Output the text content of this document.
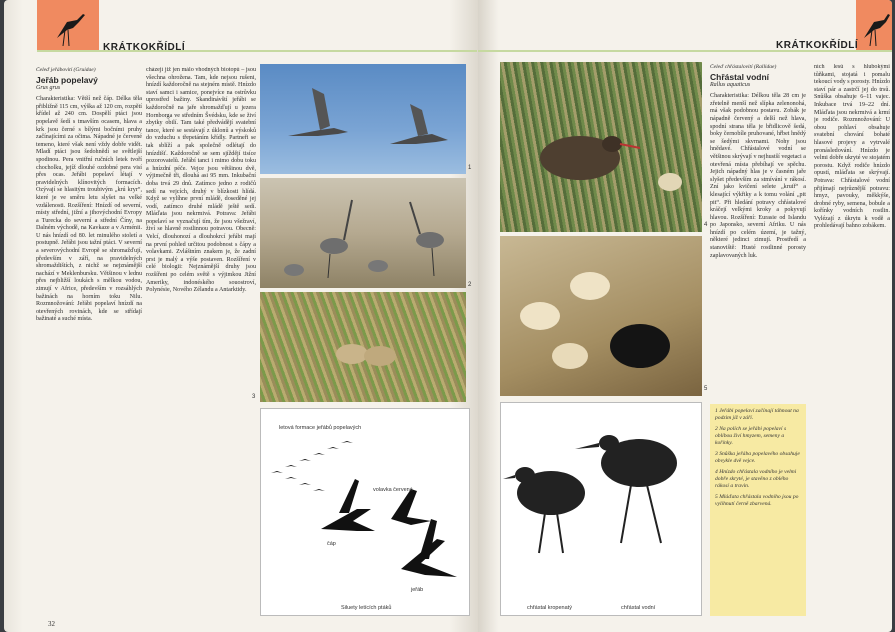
KRÁTKOKŘÍDLÍ
Čeleď jeřábovití (Gruidae)
Jeřáb popelavý
Grus grus
Charakteristika: Větší než čáp. Délka těla přibližně 115 cm, výška až 120 cm, rozpětí křídel až 240 cm. Dospělí ptáci jsou popelavě šedí s tmavším ocasem, hlava a krk jsou černé s bílými bočními pruhy začínajícími za očima. Nápadné je červené temeno, které však není vždy dobře vidět. Mladí ptáci jsou šedohnědí se světlejší spodinou. Pera vnitřní ručních letek tvoří chocholku, jejíž dlouhé ozdobné pera visí přes ocas. Jeřábi popelaví létají v pravidelných klínovitých formacích. Ozývají se hlasitým troubivým „krú kryr“, které je ve směru letu slyšet na velké vzdálenosti. Rozšíření: Hnízdí od severní, místy střední, jižní a jihovýchodní Evropy a Turecka do severní a střední Číny, na Dalném východě, na Kavkaze a v Arménii. U nás hnízdí od 80. let minulého století a postupně. Jeřábi jsou tažní ptáci. V severní a severovýchodní Evropě se shromažďují, především v září, na pravidelných shromaždištích, z nichž se nejznámější nachází v Meklenbursku. Většinou v lednu přes nejbližší loukách s mělkou vodou, zimují v Africe, především v rozsáhlých bažinách na horním toku Nilu. Rozmnožování: Jeřábi popelaví hnízdí na otevřených rovinách, kde se střídají bažinaté a suché místa.
cházejí již jen málo vhodných biotopů – jsou všechna ohrožena. Tam, kde nejsou rušeni, hnízdí každoročně na stejném místě. Hnízdo staví samci i samice, ponejvíce na ostrůvku uprostřed bažiny. Skandinávští jeřábi se každoročně na jaře shromažďují u jezera Hornborga ve středním Švédsku, kde se živí zbytky obilí. Tam také předvádějí svatební tance, které se sestávají z úklonů a výskoků do vzduchu s třepetáním křídly. Partneři se tak sblíží a pak společně odlétají do hnízdišť. Každoročně se sem sjíždějí tisíce pozorovatelů. Jeřábí tanci i mimo dobu toku a hnízdní péče. Vejce jsou většinou dvě, výjimečně tři, dlouhá asi 95 mm. Inkubační doba trvá 29 dnů. Zatímco jedno z rodičů sedí na vejcích, druhý v blízkosti hlídá. Když se vylíhne první mládě, doseděné jej vodí, zatímco druhé mládě ještě sedí. Mláďata jsou nekrmivá. Potrava: Jeřábi popelaví se vyznačují tím, že jsou všežraví, živí se hlavně rostlinnou potravou. Obecně: Velcí, dlouhonozí a dlouhokrcí jeřábi mají na první pohled určitou podobnost s čápy a volavkami. Zvláštním znakem je, že zadní prst je malý a výše postaven. Rozšíření v celé biologii: Nejznámější druhy jsou rozšířeni po celém světě s výjimkou Jižní Ameriky, indonéského souostroví, Polynésie, Nového Zélandu a Antarktidy.
1
2
3
letová formace jeřábů popelavých
volavka červená
čáp
jeřáb
Siluety letících ptáků
32
KRÁTKOKŘÍDLÍ
4
5
chřástal kropenatý	chřástal vodní
Čeleď chřástalovití (Rallidae)
Chřástal vodní
Rallus aquaticus
Charakteristika: Délkou těla 28 cm je zřetelně menší než slípka zelenonohá, má však podobnou postavu. Zobák je nápadně červený a delší než hlava, spodní strana těla je břidlicově šedá, boky černobíle pruhované, hřbet hnědý se šedými skvrnami. Nohy jsou hnědavé. Chřástalové vodní se většinou skrývají v nejhustší vegetaci a otevřená místa přebíhají ve spěchu. Jejich nápadný hlas je v časném jaře slyšet především za stmívání v rákosí. Zní jako kvičení selete „kruiř“ a klesající výkřiky a k tomu volání „pit pit“. Při hledání potravy chřástalové kráčejí velkými kroky a pokyvují hlavou. Rozšíření: Eurasie od Islandu po Japonsko, severní Afriku. U nás hnízdí po celém území, je tažný, některé jedinci zimují. Prostředí a stanoviště: Husté rostlinné porosty zaplavovaných luk.

1 Jeřábi popelaví začínají táhnout na podzim již v září.

2 Na polích se jeřábi popelaví s oblibou živí hmyzem, semeny a kořínky.

3 Snůška jeřába popelavého obsahuje obvykle dvě vejce.

4 Hnízdo chřástala vodního je velmi dobře skryté, je stavěno z oblého rákosí a travin.

5 Mláďata chřástala vodního jsou po vylíhnutí černě zbarvená.

ních lesů s hlubokými tůňkami, stojatá i pomalu tekoucí vody s porosty. Hnízdo staví pár a zastrčí jej do trsů. Snůška obsahuje 6–11 vajec. Inkubace trvá 19–22 dní. Mláďata jsou nekrmivá a krmí je rodiče. Rozmnožování: U obou pohlaví obsahuje svatební chování bohaté hlasové projevy a vytrvalé pronásledování. Hnízdo je velmi dobře ukryté ve stojatém porostu. Když rodiče hnízdo opustí, mláďata se skrývají. Potrava: Chřástalové vodní přijímají nejrůznější potravu: hmyz, pavouky, měkkýše, drobné ryby, semena, bobule a kořínky vodních rostlin. Vylézají z úkrytu k vodě a prohledávají bahno zobákem.
